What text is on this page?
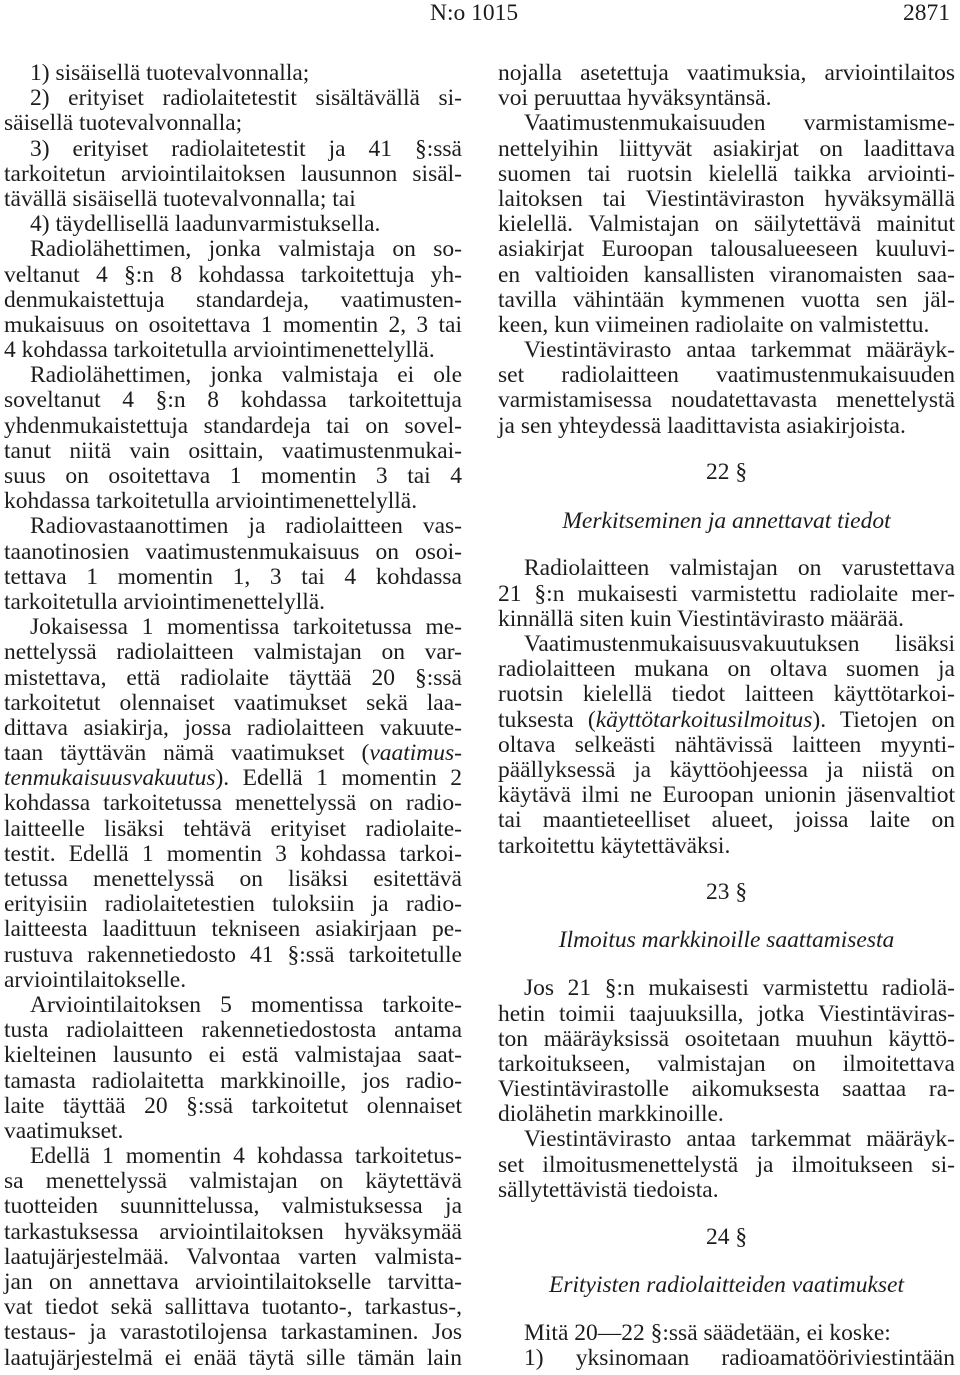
N:o 1015	2871
1) sisäisellä tuotevalvonnalla;
2) erityiset radiolaitetestit sisältävällä si-
säisellä tuotevalvonnalla;
3) erityiset radiolaitetestit ja 41 §:ssä
tarkoitetun arviointilaitoksen lausunnon sisäl-
tävällä sisäisellä tuotevalvonnalla; tai
4) täydellisellä laadunvarmistuksella.
Radiolähettimen, jonka valmistaja on so-
veltanut 4 §:n 8 kohdassa tarkoitettuja yh-
denmukaistettuja standardeja, vaatimusten-
mukaisuus on osoitettava 1 momentin 2, 3 tai
4 kohdassa tarkoitetulla arviointimenettelyllä.
Radiolähettimen, jonka valmistaja ei ole
soveltanut 4 §:n 8 kohdassa tarkoitettuja
yhdenmukaistettuja standardeja tai on sovel-
tanut niitä vain osittain, vaatimustenmukai-
suus on osoitettava 1 momentin 3 tai 4
kohdassa tarkoitetulla arviointimenettelyllä.
Radiovastaanottimen ja radiolaitteen vas-
taanotinosien vaatimustenmukaisuus on osoi-
tettava 1 momentin 1, 3 tai 4 kohdassa
tarkoitetulla arviointimenettelyllä.
Jokaisessa 1 momentissa tarkoitetussa me-
nettelyssä radiolaitteen valmistajan on var-
mistettava, että radiolaite täyttää 20 §:ssä
tarkoitetut olennaiset vaatimukset sekä laa-
dittava asiakirja, jossa radiolaitteen vakuute-
taan täyttävän nämä vaatimukset (vaatimus-
tenmukaisuusvakuutus). Edellä 1 momentin 2
kohdassa tarkoitetussa menettelyssä on radio-
laitteelle lisäksi tehtävä erityiset radiolaite-
testit. Edellä 1 momentin 3 kohdassa tarkoi-
tetussa menettelyssä on lisäksi esitettävä
erityisiin radiolaitetestien tuloksiin ja radio-
laitteesta laadittuun tekniseen asiakirjaan pe-
rustuva rakennetiedosto 41 §:ssä tarkoitetulle
arviointilaitokselle.
Arviointilaitoksen 5 momentissa tarkoite-
tusta radiolaitteen rakennetiedostosta antama
kielteinen lausunto ei estä valmistajaa saat-
tamasta radiolaitetta markkinoille, jos radio-
laite täyttää 20 §:ssä tarkoitetut olennaiset
vaatimukset.
Edellä 1 momentin 4 kohdassa tarkoitetus-
sa menettelyssä valmistajan on käytettävä
tuotteiden suunnittelussa, valmistuksessa ja
tarkastuksessa arviointilaitoksen hyväksymää
laatujärjestelmää. Valvontaa varten valmista-
jan on annettava arviointilaitokselle tarvitta-
vat tiedot sekä sallittava tuotanto-, tarkastus-,
testaus- ja varastotilojensa tarkastaminen. Jos
laatujärjestelmä ei enää täytä sille tämän lain
nojalla asetettuja vaatimuksia, arviointilaitos
voi peruuttaa hyväksyntänsä.
Vaatimustenmukaisuuden varmistamisme-
nettelyihin liittyvät asiakirjat on laadittava
suomen tai ruotsin kielellä taikka arviointi-
laitoksen tai Viestintäviraston hyväksymällä
kielellä. Valmistajan on säilytettävä mainitut
asiakirjat Euroopan talousalueeseen kuuluvi-
en valtioiden kansallisten viranomaisten saa-
tavilla vähintään kymmenen vuotta sen jäl-
keen, kun viimeinen radiolaite on valmistettu.
Viestintävirasto antaa tarkemmat määräyk-
set radiolaitteen vaatimustenmukaisuuden
varmistamisessa noudatettavasta menettelystä
ja sen yhteydessä laadittavista asiakirjoista.
22 §
Merkitseminen ja annettavat tiedot
Radiolaitteen valmistajan on varustettava
21 §:n mukaisesti varmistettu radiolaite mer-
kinnällä siten kuin Viestintävirasto määrää.
Vaatimustenmukaisuusvakuutuksen lisäksi
radiolaitteen mukana on oltava suomen ja
ruotsin kielellä tiedot laitteen käyttötarkoi-
tuksesta (käyttötarkoitusilmoitus). Tietojen on
oltava selkeästi nähtävissä laitteen myynti-
päällyksessä ja käyttöohjeessa ja niistä on
käytävä ilmi ne Euroopan unionin jäsenvaltiot
tai maantieteelliset alueet, joissa laite on
tarkoitettu käytettäväksi.
23 §
Ilmoitus markkinoille saattamisesta
Jos 21 §:n mukaisesti varmistettu radiolä-
hetin toimii taajuuksilla, jotka Viestintäviras-
ton määräyksissä osoitetaan muuhun käyttö-
tarkoitukseen, valmistajan on ilmoitettava
Viestintävirastolle aikomuksesta saattaa ra-
diolähetin markkinoille.
Viestintävirasto antaa tarkemmat määräyk-
set ilmoitusmenettelystä ja ilmoitukseen si-
sällytettävistä tiedoista.
24 §
Erityisten radiolaitteiden vaatimukset
Mitä 20—22 §:ssä säädetään, ei koske:
1) yksinomaan radioamatööriviestintään
